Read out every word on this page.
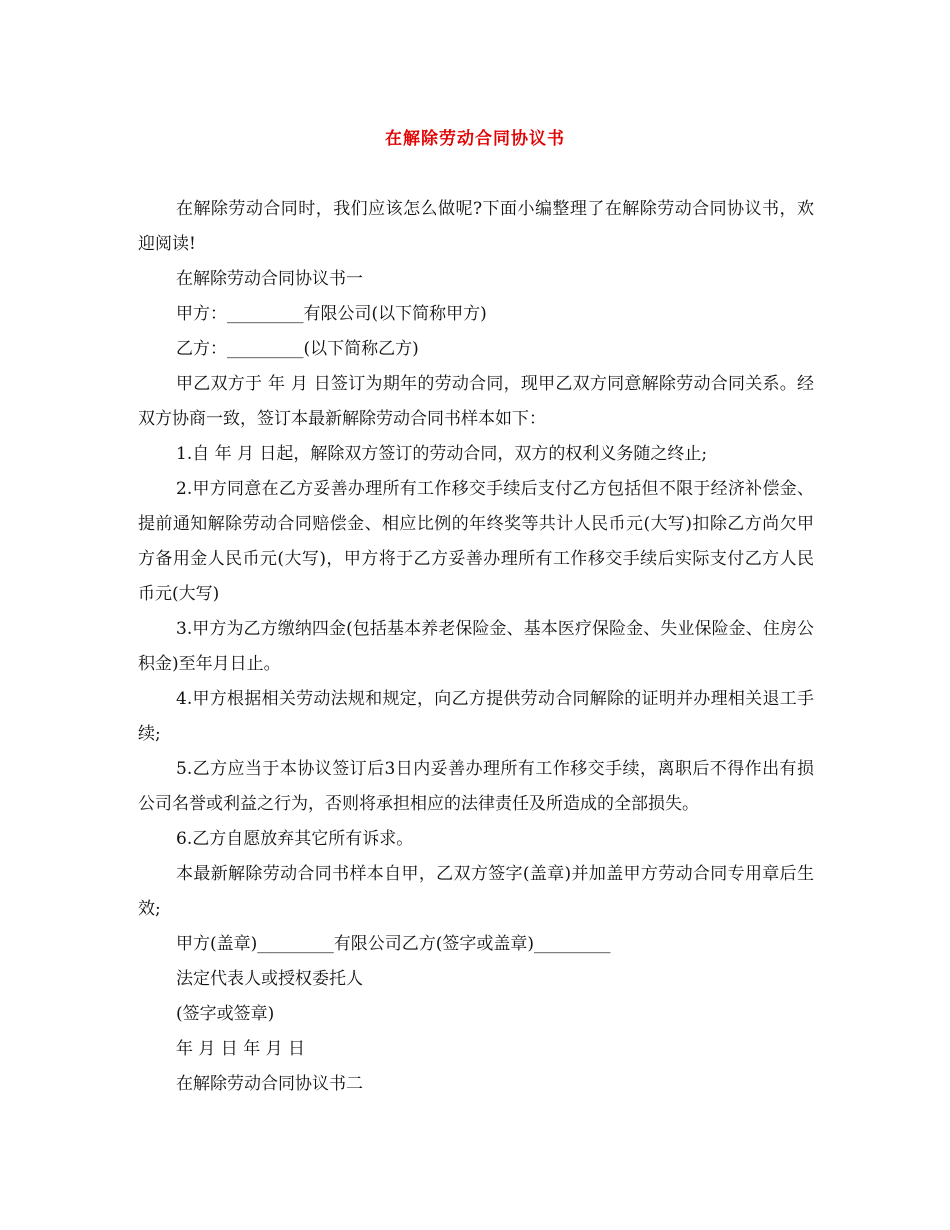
在解除劳动合同协议书

在解除劳动合同时，我们应该怎么做呢?下面小编整理了在解除劳动合同协议书，欢迎阅读!

在解除劳动合同协议书一

甲方：_________有限公司(以下简称甲方)

乙方：_________(以下简称乙方)

甲乙双方于 年 月 日签订为期年的劳动合同，现甲乙双方同意解除劳动合同关系。经双方协商一致，签订本最新解除劳动合同书样本如下：

1.自 年 月 日起，解除双方签订的劳动合同，双方的权利义务随之终止;

2.甲方同意在乙方妥善办理所有工作移交手续后支付乙方包括但不限于经济补偿金、提前通知解除劳动合同赔偿金、相应比例的年终奖等共计人民币元(大写)扣除乙方尚欠甲方备用金人民币元(大写)，甲方将于乙方妥善办理所有工作移交手续后实际支付乙方人民币元(大写)

3.甲方为乙方缴纳四金(包括基本养老保险金、基本医疗保险金、失业保险金、住房公积金)至年月日止。

4.甲方根据相关劳动法规和规定，向乙方提供劳动合同解除的证明并办理相关退工手续;

5.乙方应当于本协议签订后3日内妥善办理所有工作移交手续，离职后不得作出有损公司名誉或利益之行为，否则将承担相应的法律责任及所造成的全部损失。

6.乙方自愿放弃其它所有诉求。

本最新解除劳动合同书样本自甲，乙双方签字(盖章)并加盖甲方劳动合同专用章后生效;

甲方(盖章)_________有限公司乙方(签字或盖章)_________

法定代表人或授权委托人

(签字或签章)

年 月 日 年 月 日

在解除劳动合同协议书二
